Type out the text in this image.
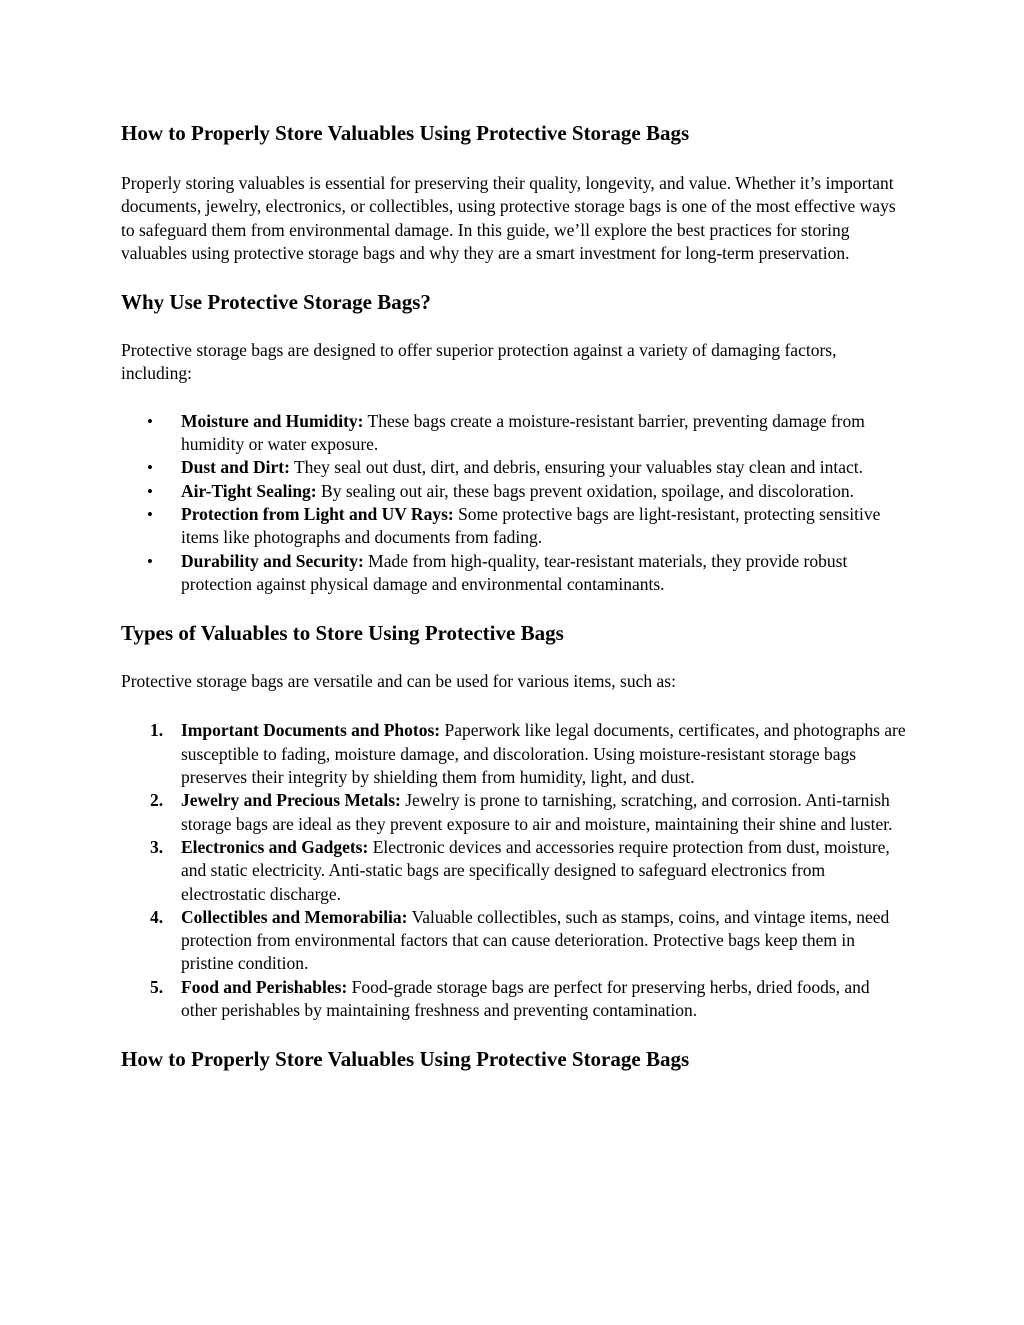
How to Properly Store Valuables Using Protective Storage Bags

Properly storing valuables is essential for preserving their quality, longevity, and value. Whether it’s important documents, jewelry, electronics, or collectibles, using protective storage bags is one of the most effective ways to safeguard them from environmental damage. In this guide, we’ll explore the best practices for storing valuables using protective storage bags and why they are a smart investment for long-term preservation.

Why Use Protective Storage Bags?

Protective storage bags are designed to offer superior protection against a variety of damaging factors, including:

• Moisture and Humidity: These bags create a moisture-resistant barrier, preventing damage from humidity or water exposure.
• Dust and Dirt: They seal out dust, dirt, and debris, ensuring your valuables stay clean and intact.
• Air-Tight Sealing: By sealing out air, these bags prevent oxidation, spoilage, and discoloration.
• Protection from Light and UV Rays: Some protective bags are light-resistant, protecting sensitive items like photographs and documents from fading.
• Durability and Security: Made from high-quality, tear-resistant materials, they provide robust protection against physical damage and environmental contaminants.
Types of Valuables to Store Using Protective Bags

Protective storage bags are versatile and can be used for various items, such as:

1. Important Documents and Photos: Paperwork like legal documents, certificates, and photographs are susceptible to fading, moisture damage, and discoloration. Using moisture-resistant storage bags preserves their integrity by shielding them from humidity, light, and dust.
2. Jewelry and Precious Metals: Jewelry is prone to tarnishing, scratching, and corrosion. Anti-tarnish storage bags are ideal as they prevent exposure to air and moisture, maintaining their shine and luster.
3. Electronics and Gadgets: Electronic devices and accessories require protection from dust, moisture, and static electricity. Anti-static bags are specifically designed to safeguard electronics from electrostatic discharge.
4. Collectibles and Memorabilia: Valuable collectibles, such as stamps, coins, and vintage items, need protection from environmental factors that can cause deterioration. Protective bags keep them in pristine condition.
5. Food and Perishables: Food-grade storage bags are perfect for preserving herbs, dried foods, and other perishables by maintaining freshness and preventing contamination.
How to Properly Store Valuables Using Protective Storage Bags
